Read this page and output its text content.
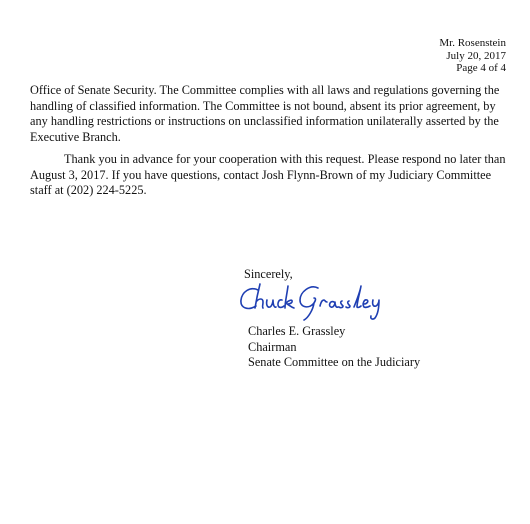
Mr. Rosenstein
July 20, 2017
Page 4 of 4

Office of Senate Security. The Committee complies with all laws and regulations governing the handling of classified information. The Committee is not bound, absent its prior agreement, by any handling restrictions or instructions on unclassified information unilaterally asserted by the Executive Branch.

Thank you in advance for your cooperation with this request. Please respond no later than August 3, 2017. If you have questions, contact Josh Flynn-Brown of my Judiciary Committee staff at (202) 224-5225.

Sincerely,
Charles E. Grassley
Chairman
Senate Committee on the Judiciary
